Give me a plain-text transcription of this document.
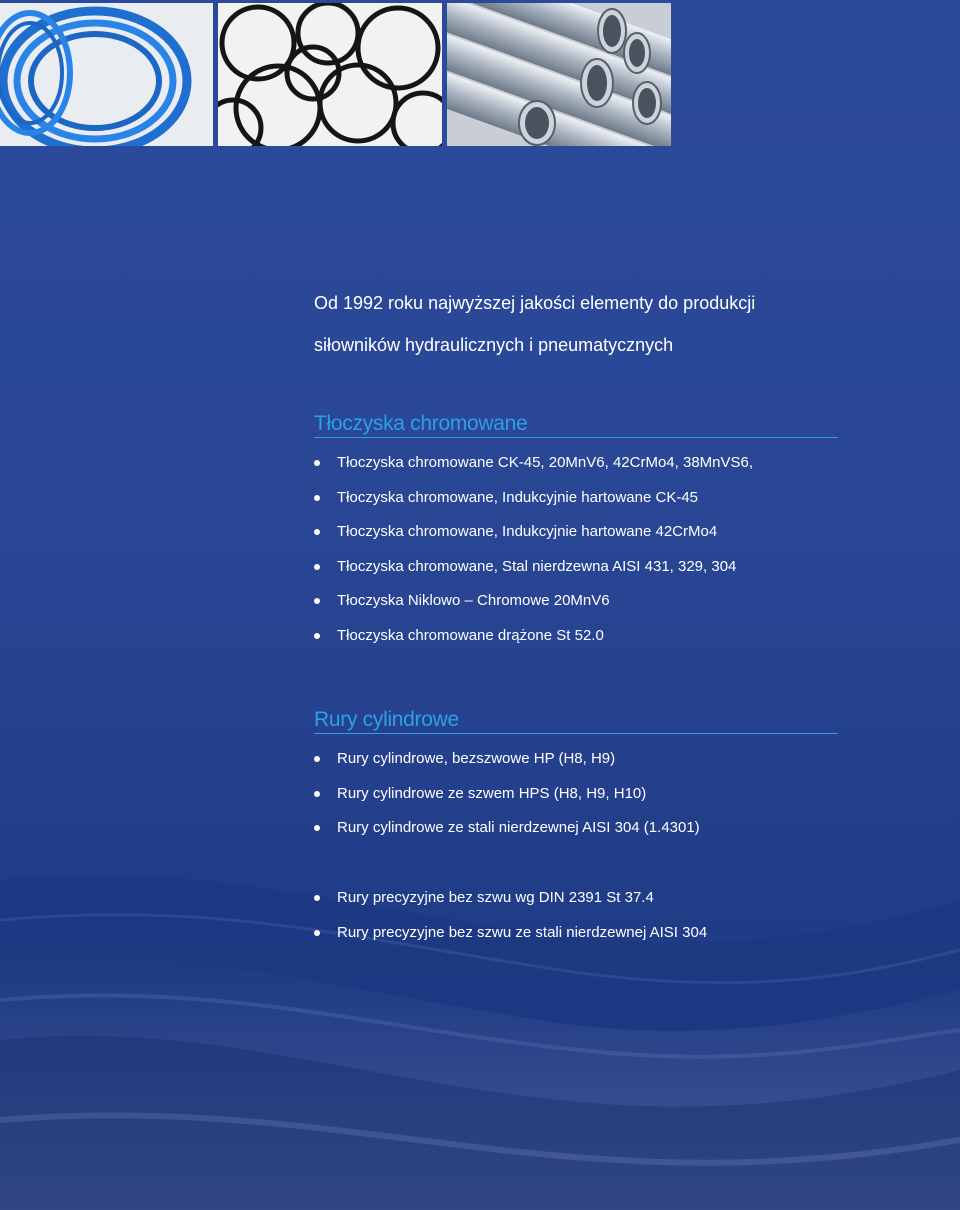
Od 1992 roku najwyższej jakości elementy do produkcji
siłowników hydraulicznych i pneumatycznych
Tłoczyska chromowane
Tłoczyska chromowane CK-45, 20MnV6, 42CrMo4, 38MnVS6,
Tłoczyska chromowane, Indukcyjnie hartowane CK-45
Tłoczyska chromowane, Indukcyjnie hartowane 42CrMo4
Tłoczyska chromowane, Stal nierdzewna AISI 431, 329, 304
Tłoczyska Niklowo – Chromowe 20MnV6
Tłoczyska chromowane drążone St 52.0
Rury cylindrowe
Rury cylindrowe, bezszwowe HP (H8, H9)
Rury cylindrowe ze szwem HPS (H8, H9, H10)
Rury cylindrowe ze stali nierdzewnej AISI 304 (1.4301)
Rury precyzyjne bez szwu wg DIN 2391 St 37.4
Rury precyzyjne bez szwu ze stali nierdzewnej AISI 304
